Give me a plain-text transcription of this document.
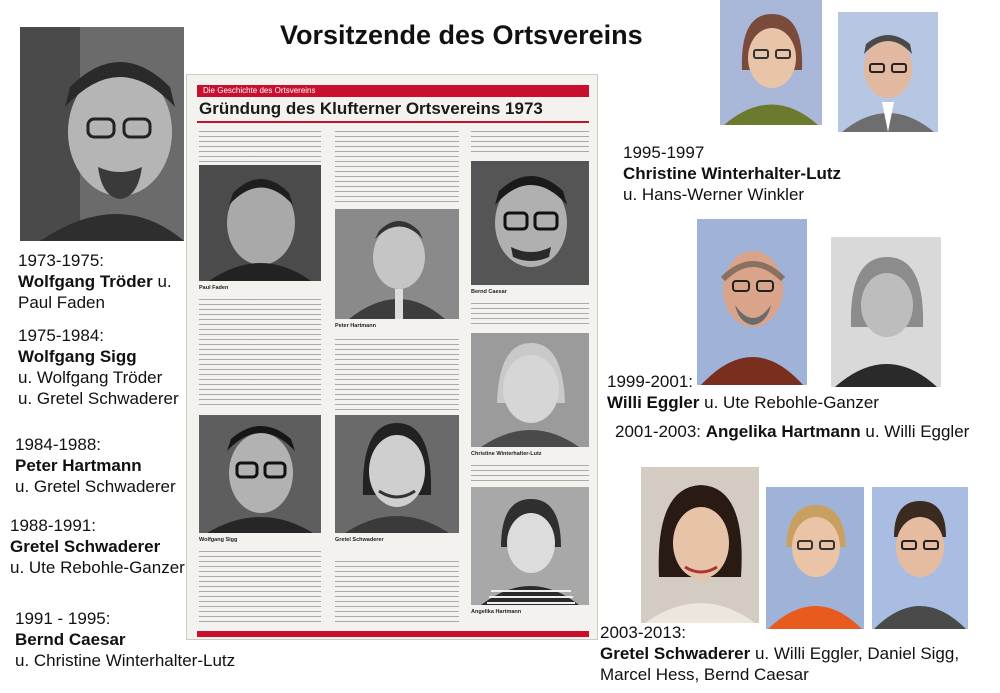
Vorsitzende des Ortsvereins
Die Geschichte des Ortsvereins
Gründung des Klufterner Ortsvereins 1973
Paul Faden
Peter Hartmann
Bernd Caesar
Christine Winterhalter-Lutz
Wolfgang Sigg	Gretel Schwaderer
Angelika Hartmann
1973-1975:
Wolfgang Tröder u.
Paul Faden
1975-1984:
Wolfgang Sigg
u. Wolfgang Tröder
u. Gretel Schwaderer
1984-1988:
Peter Hartmann
u. Gretel Schwaderer
1988-1991:
Gretel Schwaderer
u. Ute Rebohle-Ganzer
1991 - 1995:
Bernd Caesar
u. Christine Winterhalter-Lutz
1995-1997
Christine Winterhalter-Lutz
u. Hans-Werner Winkler
1999-2001:
Willi Eggler u. Ute Rebohle-Ganzer
2001-2003: Angelika Hartmann u. Willi Eggler
2003-2013:
Gretel Schwaderer u. Willi Eggler, Daniel Sigg,
Marcel Hess, Bernd Caesar
